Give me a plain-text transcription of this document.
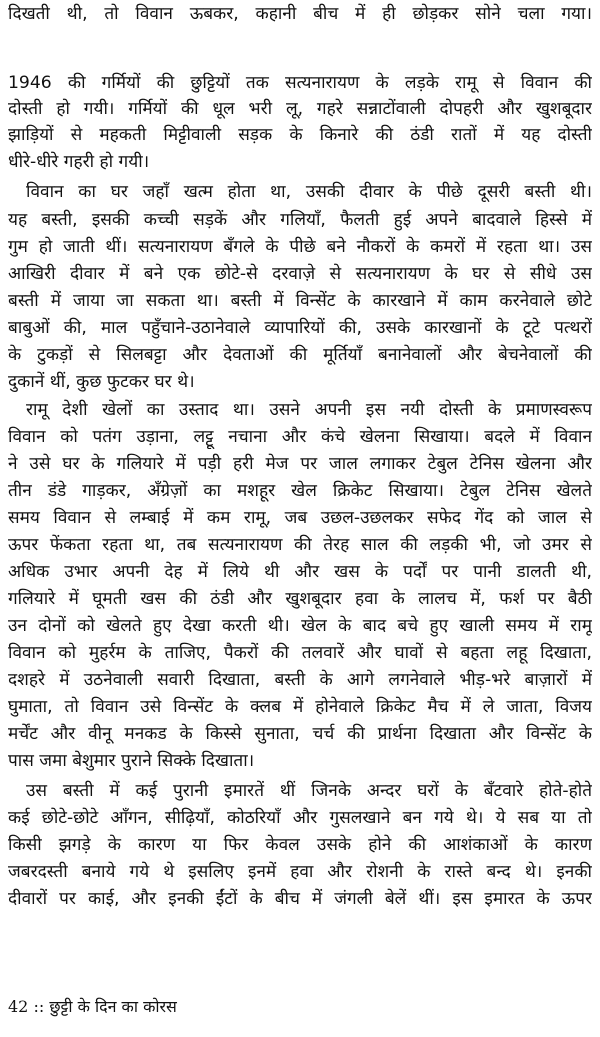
दिखती थी, तो विवान ऊबकर, कहानी बीच में ही छोड़कर सोने चला गया।
1946 की गर्मियों की छुट्टियों तक सत्यनारायण के लड़के रामू से विवान की
दोस्ती हो गयी। गर्मियों की धूल भरी लू, गहरे सन्नाटोंवाली दोपहरी और खुशबूदार
झाड़ियों से महकती मिट्टीवाली सड़क के किनारे की ठंडी रातों में यह दोस्ती
धीरे-धीरे गहरी हो गयी।
विवान का घर जहाँ खत्म होता था, उसकी दीवार के पीछे दूसरी बस्ती थी।
यह बस्ती, इसकी कच्ची सड़कें और गलियाँ, फैलती हुई अपने बादवाले हिस्से में
गुम हो जाती थीं। सत्यनारायण बँगले के पीछे बने नौकरों के कमरों में रहता था। उस
आखिरी दीवार में बने एक छोटे-से दरवाज़े से सत्यनारायण के घर से सीधे उस
बस्ती में जाया जा सकता था। बस्ती में विन्सेंट के कारखाने में काम करनेवाले छोटे
बाबुओं की, माल पहुँचाने-उठानेवाले व्यापारियों की, उसके कारखानों के टूटे पत्थरों
के टुकड़ों से सिलबट्टा और देवताओं की मूर्तियाँ बनानेवालों और बेचनेवालों की
दुकानें थीं, कुछ फुटकर घर थे।
रामू देशी खेलों का उस्ताद था। उसने अपनी इस नयी दोस्ती के प्रमाणस्वरूप
विवान को पतंग उड़ाना, लट्टू नचाना और कंचे खेलना सिखाया। बदले में विवान
ने उसे घर के गलियारे में पड़ी हरी मेज पर जाल लगाकर टेबुल टेनिस खेलना और
तीन डंडे गाड़कर, अँग्रेज़ों का मशहूर खेल क्रिकेट सिखाया। टेबुल टेनिस खेलते
समय विवान से लम्बाई में कम रामू, जब उछल-उछलकर सफेद गेंद को जाल से
ऊपर फेंकता रहता था, तब सत्यनारायण की तेरह साल की लड़की भी, जो उमर से
अधिक उभार अपनी देह में लिये थी और खस के पर्दों पर पानी डालती थी,
गलियारे में घूमती खस की ठंडी और खुशबूदार हवा के लालच में, फर्श पर बैठी
उन दोनों को खेलते हुए देखा करती थी। खेल के बाद बचे हुए खाली समय में रामू
विवान को मुहर्रम के ताजिए, पैकरों की तलवारें और घावों से बहता लहू दिखाता,
दशहरे में उठनेवाली सवारी दिखाता, बस्ती के आगे लगनेवाले भीड़-भरे बाज़ारों में
घुमाता, तो विवान उसे विन्सेंट के क्लब में होनेवाले क्रिकेट मैच में ले जाता, विजय
मर्चेंट और वीनू मनकड के किस्से सुनाता, चर्च की प्रार्थना दिखाता और विन्सेंट के
पास जमा बेशुमार पुराने सिक्के दिखाता।
उस बस्ती में कई पुरानी इमारतें थीं जिनके अन्दर घरों के बँटवारे होते-होते
कई छोटे-छोटे आँगन, सीढ़ियाँ, कोठरियाँ और गुसलखाने बन गये थे। ये सब या तो
किसी झगड़े के कारण या फिर केवल उसके होने की आशंकाओं के कारण
जबरदस्ती बनाये गये थे इसलिए इनमें हवा और रोशनी के रास्ते बन्द थे। इनकी
दीवारों पर काई, और इनकी ईंटों के बीच में जंगली बेलें थीं। इस इमारत के ऊपर
42 :: छुट्टी के दिन का कोरस
